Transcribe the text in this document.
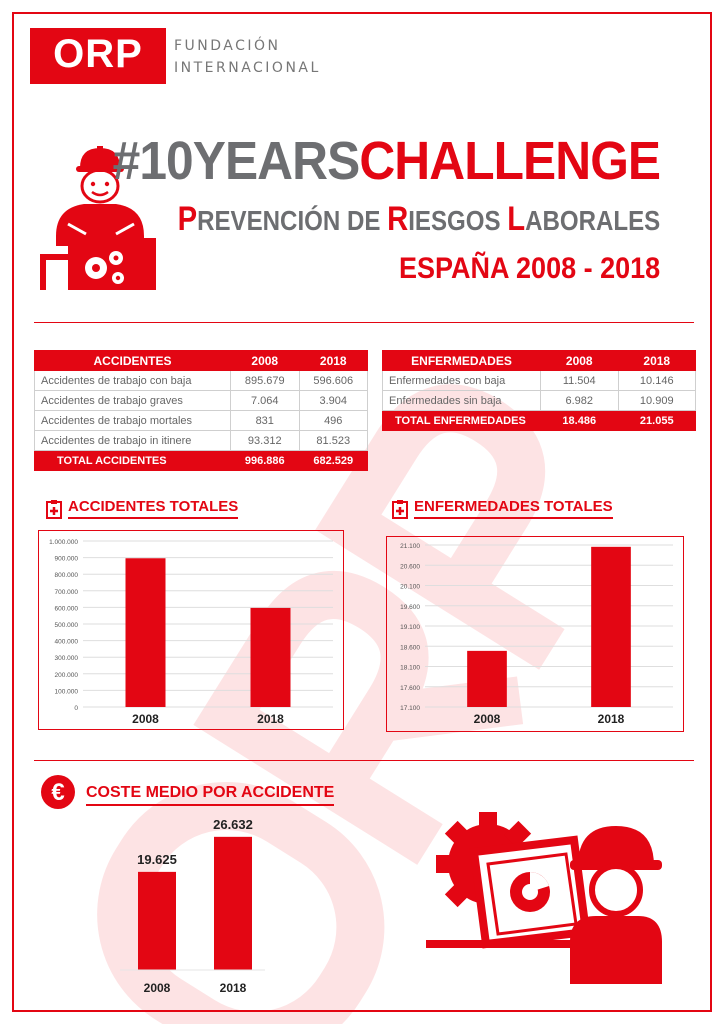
ORP	FUNDACIÓN
INTERNACIONAL
#10YEARSCHALLENGE
PREVENCIÓN DE RIESGOS LABORALES
ESPAÑA 2008 - 2018
ACCIDENTES	2008	2018
Accidentes de trabajo con baja	895.679	596.606
Accidentes de trabajo graves	7.064	3.904
Accidentes de trabajo mortales	831	496
Accidentes de trabajo in itinere	93.312	81.523
TOTAL ACCIDENTES	996.886	682.529
ENFERMEDADES	2008	2018
Enfermedades con baja	11.504	10.146
Enfermedades sin baja	6.982	10.909
TOTAL ENFERMEDADES	18.486	21.055
ACCIDENTES TOTALES
0
100.000
200.000
300.000
400.000
500.000
600.000
700.000
800.000
900.000
1.000.000
2008	2018
ENFERMEDADES TOTALES
17.100
17.600
18.100
18.600
19.100
19.600
20.100
20.600
21.100
2008	2018
€ COSTE MEDIO POR ACCIDENTE
19.625
2008
26.632
2018
